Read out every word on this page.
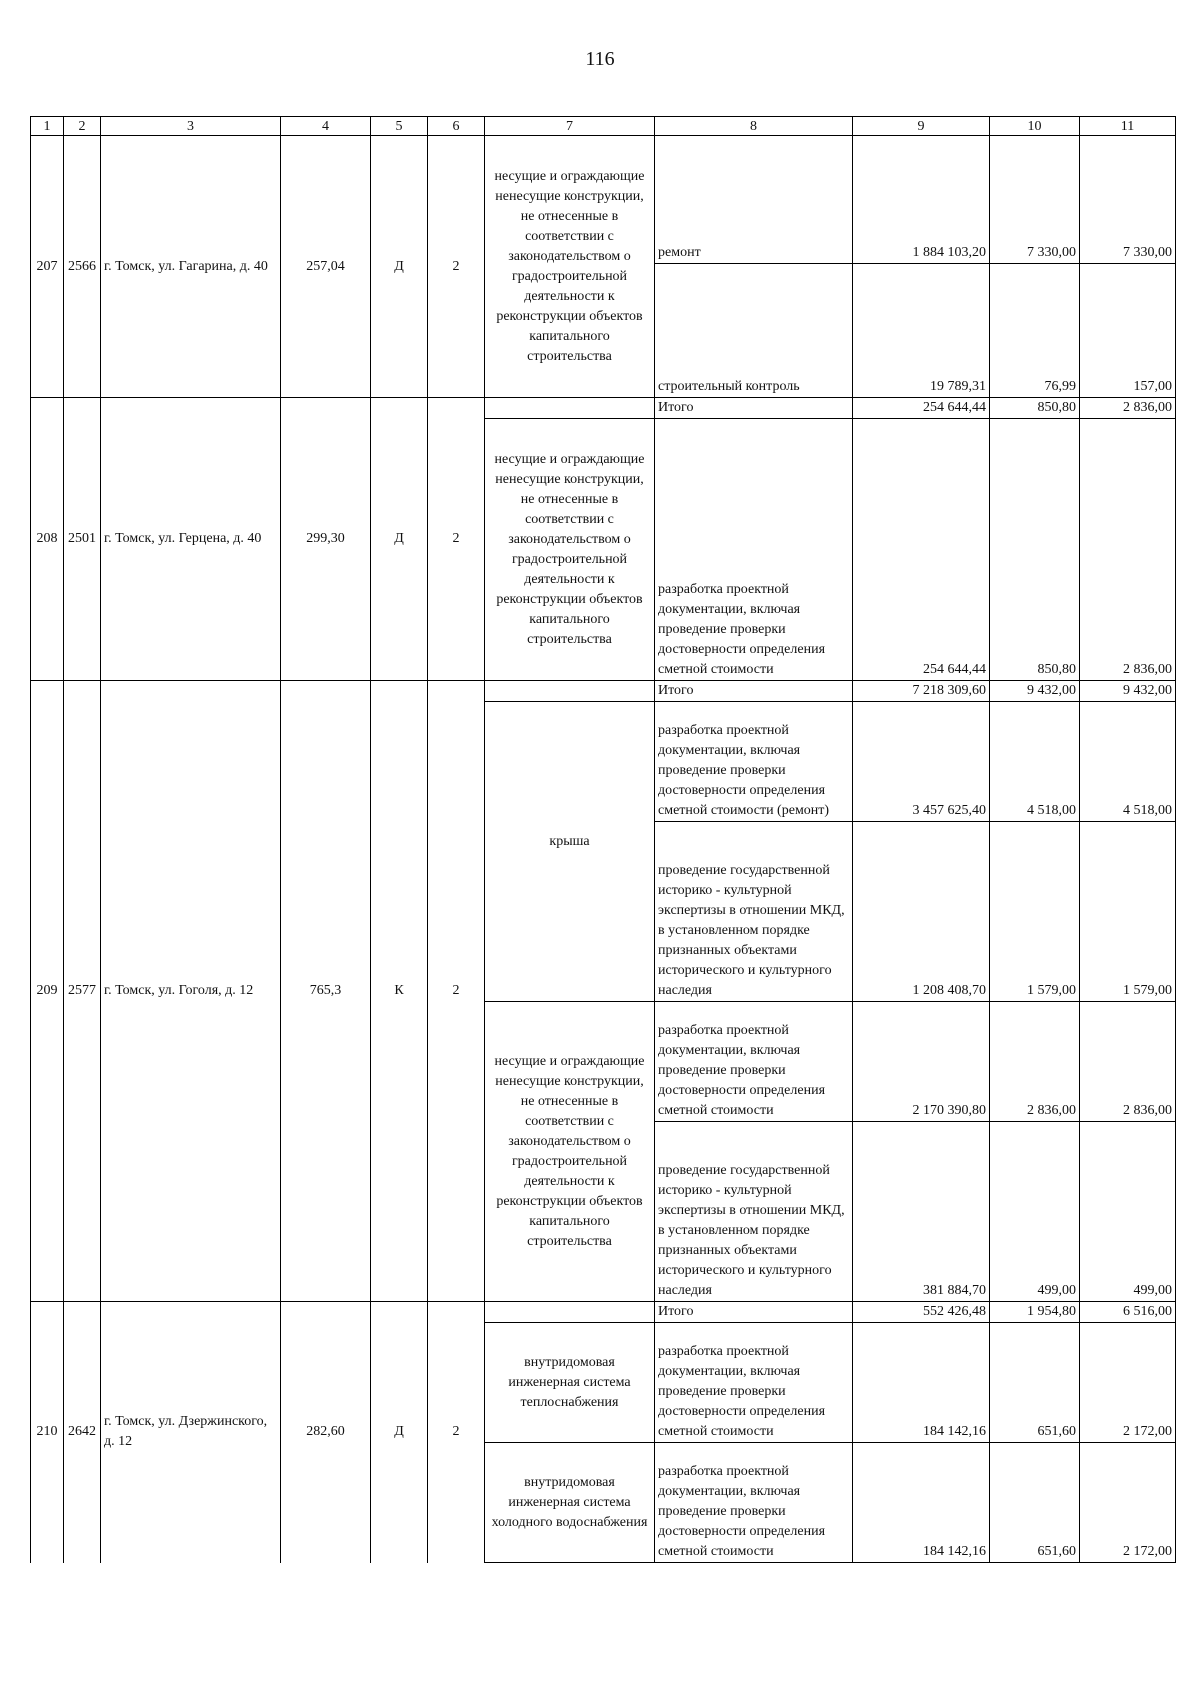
116
1	2	3	4	5	6	7	8	9	10	11
207	2566	г. Томск, ул. Гагарина, д. 40	257,04	Д	2	несущие и ограждающие ненесущие конструкции, не отнесенные в соответствии с законодательством о градостроительной деятельности к реконструкции объектов капитального строительства	ремонт	1 884 103,20	7 330,00	7 330,00
							строительный контроль	19 789,31	76,99	157,00
208	2501	г. Томск, ул. Герцена, д. 40	299,30	Д	2		Итого	254 644,44	850,80	2 836,00
						несущие и ограждающие ненесущие конструкции, не отнесенные в соответствии с законодательством о градостроительной деятельности к реконструкции объектов капитального строительства	разработка проектной документации, включая проведение проверки достоверности определения сметной стоимости	254 644,44	850,80	2 836,00
209	2577	г. Томск, ул. Гоголя, д. 12	765,3	К	2		Итого	7 218 309,60	9 432,00	9 432,00
						крыша	разработка проектной документации, включая проведение проверки достоверности определения сметной стоимости (ремонт)	3 457 625,40	4 518,00	4 518,00
							проведение государственной историко - культурной экспертизы в отношении МКД, в установленном порядке признанных объектами исторического и культурного наследия	1 208 408,70	1 579,00	1 579,00
						несущие и ограждающие ненесущие конструкции, не отнесенные в соответствии с законодательством о градостроительной деятельности к реконструкции объектов капитального строительства	разработка проектной документации, включая проведение проверки достоверности определения сметной стоимости	2 170 390,80	2 836,00	2 836,00
							проведение государственной историко - культурной экспертизы в отношении МКД, в установленном порядке признанных объектами исторического и культурного наследия	381 884,70	499,00	499,00
210	2642	г. Томск, ул. Дзержинского, д. 12	282,60	Д	2		Итого	552 426,48	1 954,80	6 516,00
						внутридомовая инженерная система теплоснабжения	разработка проектной документации, включая проведение проверки достоверности определения сметной стоимости	184 142,16	651,60	2 172,00
						внутридомовая инженерная система холодного водоснабжения	разработка проектной документации, включая проведение проверки достоверности определения сметной стоимости	184 142,16	651,60	2 172,00
